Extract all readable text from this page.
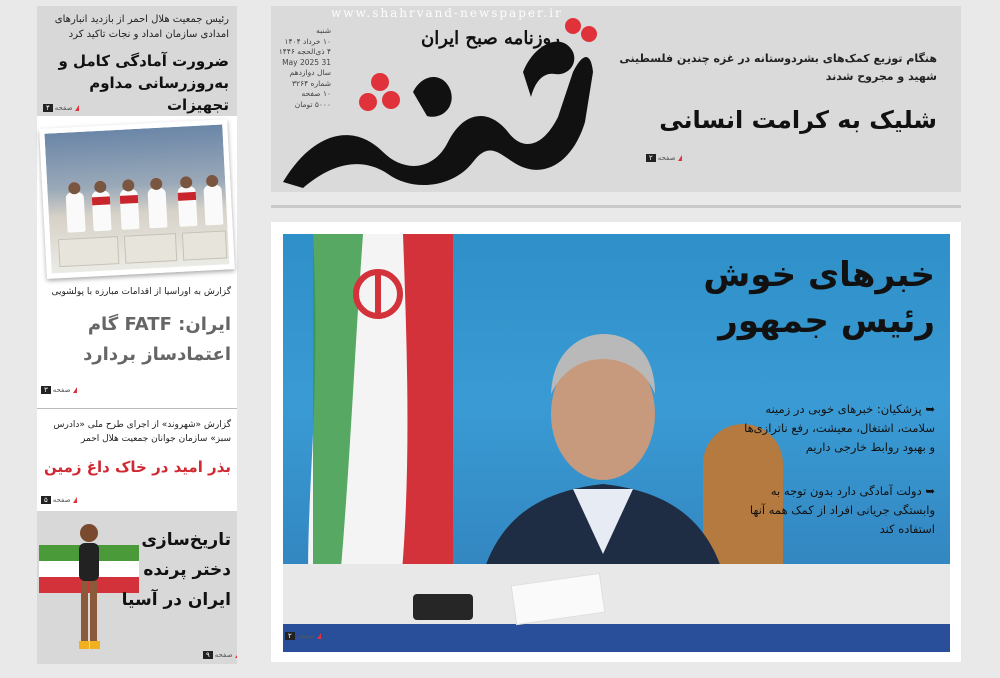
رئیس جمعیت هلال احمر از بازدید انبارهای امدادی سازمان امداد و نجات تاکید کرد
ضرورت آمادگی کامل و به‌روزرسانی مداوم تجهیزات
۴ صفحه
گزارش به اوراسیا از اقدامات مبارزه با پولشویی
ایران: FATF گام اعتمادساز بردارد
۳ صفحه
گزارش «شهروند» از اجرای طرح ملی «دادرس سبز» سازمان جوانان جمعیت هلال احمر
بذر امید در خاک داغ زمین
۵ صفحه
تاریخ‌سازی دختر پرنده ایران در آسیا
۹ صفحه
www.shahrvand-newspaper.ir
شنبه
۱۰ خرداد ۱۴۰۴
۴ ذی‌الحجه ۱۴۴۶
31 May 2025
سال دوازدهم
شماره ۳۲۶۴
۱۰ صفحه
۵۰۰۰ تومان
روزنامه صبح ایران
هنگام توزیع کمک‌های بشردوستانه در غزه چندین فلسطینی شهید و مجروح شدند
شلیک به کرامت انسانی
۲ صفحه
خبرهای خوش رئیس جمهور
➥ پزشکیان: خبرهای خوبی در زمینه سلامت، اشتغال، معیشت، رفع ناترازی‌ها و بهبود روابط خارجی داریم
➥ دولت آمادگی دارد بدون توجه به وابستگی جریانی افراد از کمک همه آنها استفاده کند
۲ صفحه
